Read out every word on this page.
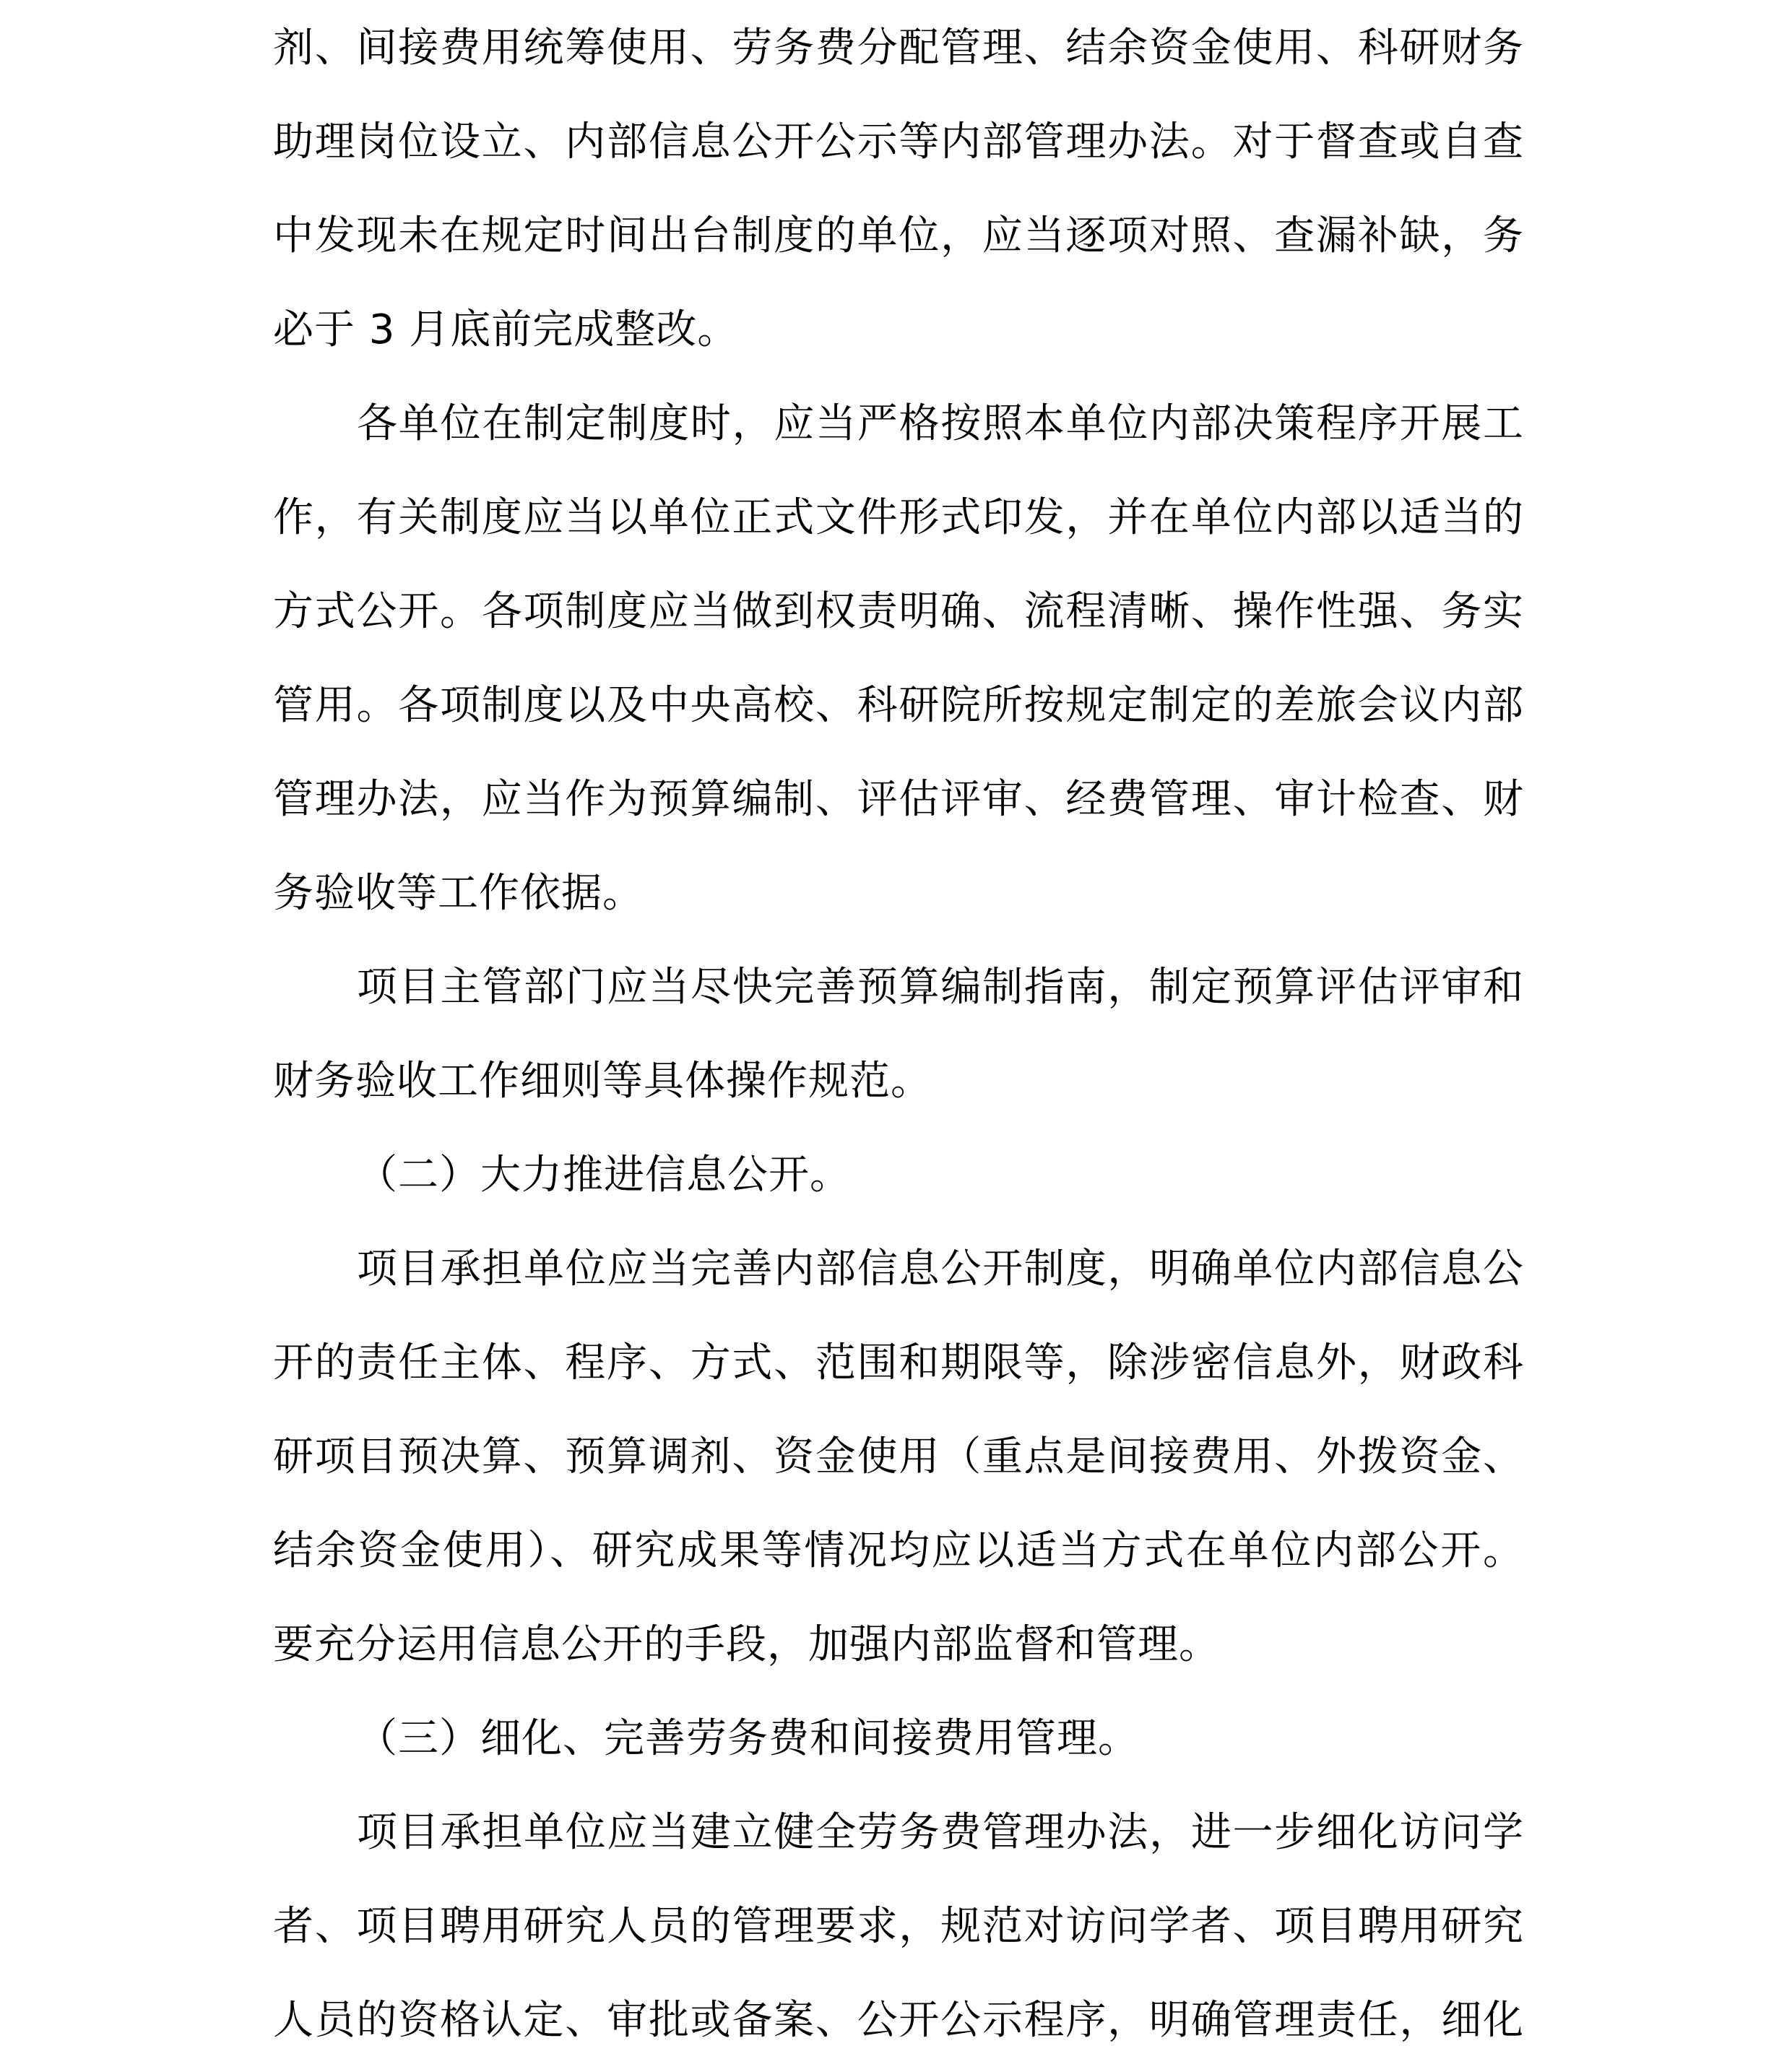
剂、间接费用统筹使用、劳务费分配管理、结余资金使用、科研财务
助理岗位设立、内部信息公开公示等内部管理办法。对于督查或自查
中发现未在规定时间出台制度的单位，应当逐项对照、查漏补缺，务
必于 3 月底前完成整改。
各单位在制定制度时，应当严格按照本单位内部决策程序开展工
作，有关制度应当以单位正式文件形式印发，并在单位内部以适当的
方式公开。各项制度应当做到权责明确、流程清晰、操作性强、务实
管用。各项制度以及中央高校、科研院所按规定制定的差旅会议内部
管理办法，应当作为预算编制、评估评审、经费管理、审计检查、财
务验收等工作依据。
项目主管部门应当尽快完善预算编制指南，制定预算评估评审和
财务验收工作细则等具体操作规范。
（二）大力推进信息公开。
项目承担单位应当完善内部信息公开制度，明确单位内部信息公
开的责任主体、程序、方式、范围和期限等，除涉密信息外，财政科
研项目预决算、预算调剂、资金使用（重点是间接费用、外拨资金、
结余资金使用）、研究成果等情况均应以适当方式在单位内部公开。
要充分运用信息公开的手段，加强内部监督和管理。
（三）细化、完善劳务费和间接费用管理。
项目承担单位应当建立健全劳务费管理办法，进一步细化访问学
者、项目聘用研究人员的管理要求，规范对访问学者、项目聘用研究
人员的资格认定、审批或备案、公开公示程序，明确管理责任，细化
